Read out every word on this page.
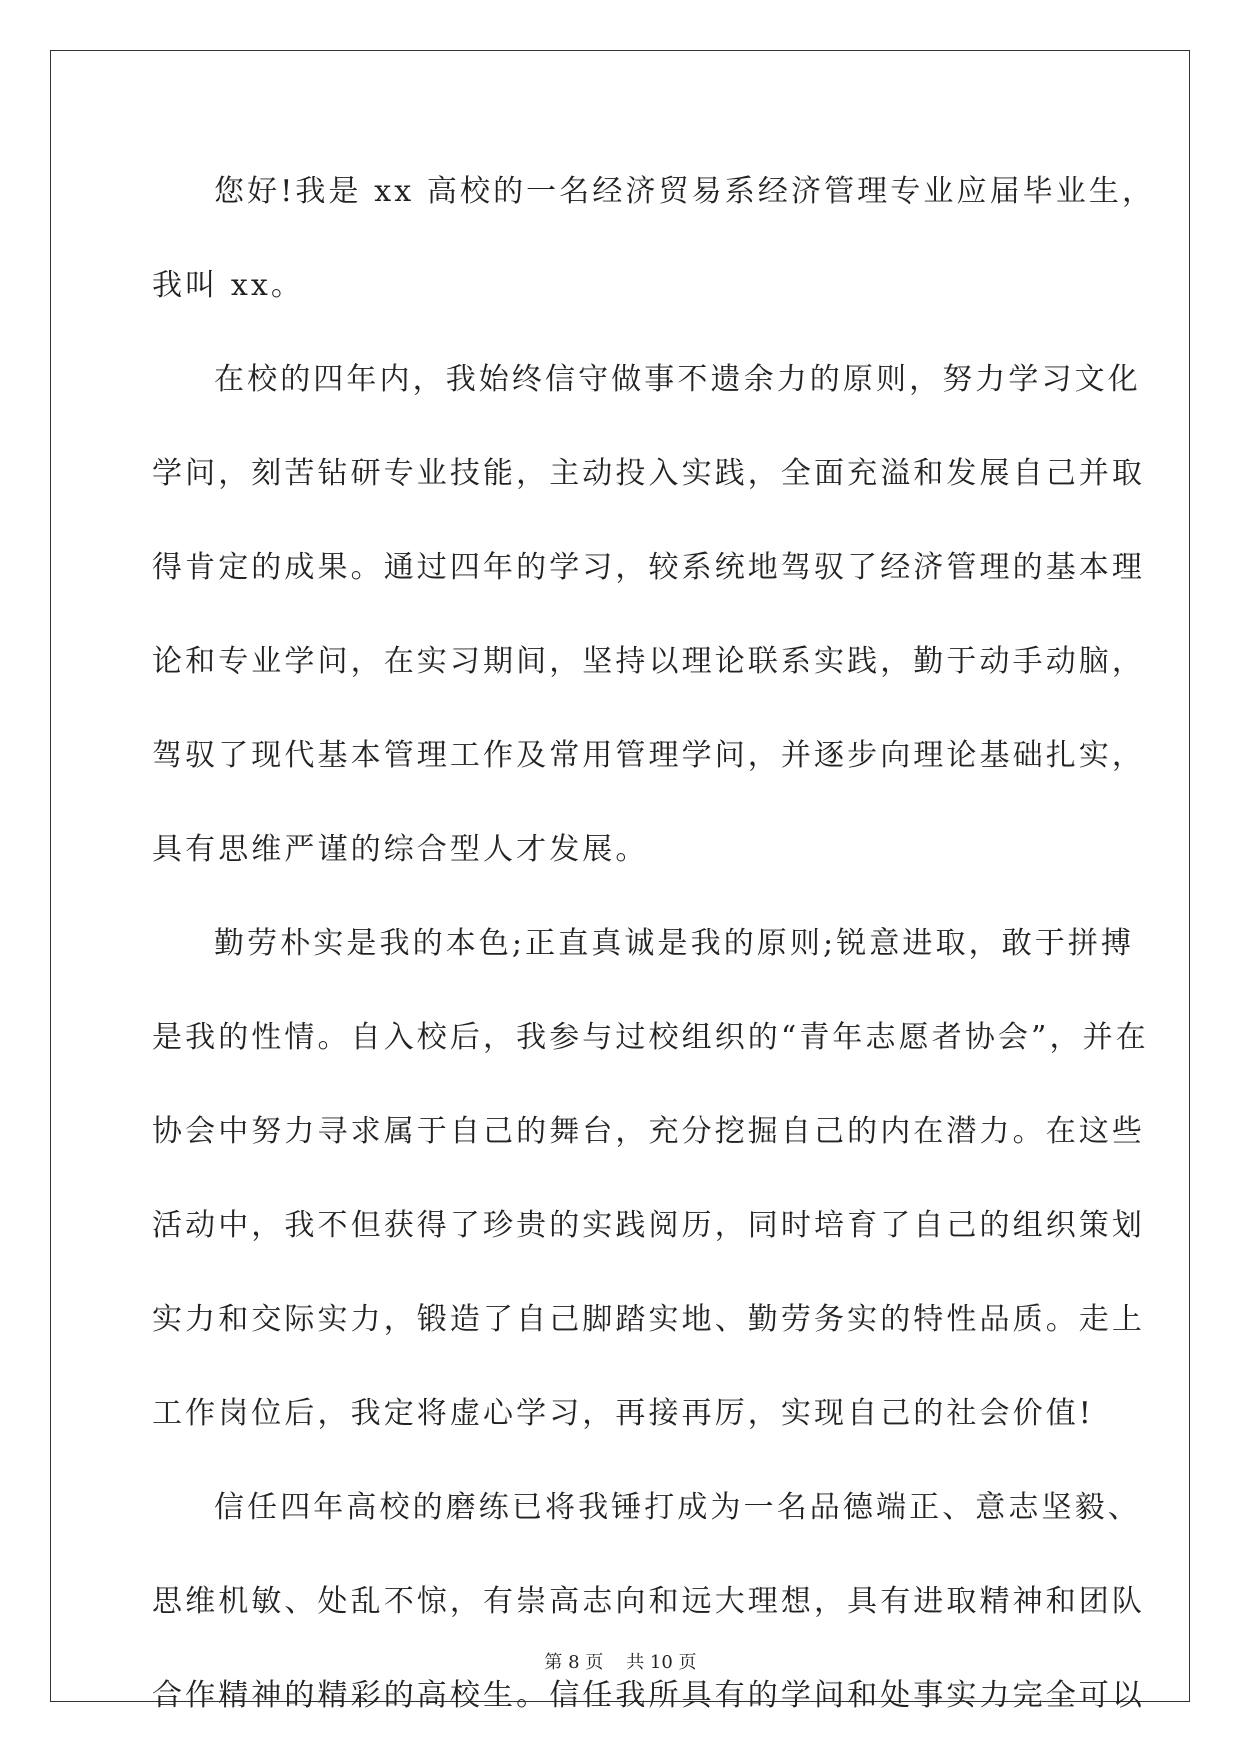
您好!我是 xx 高校的一名经济贸易系经济管理专业应届毕业生，
我叫 xx。
在校的四年内，我始终信守做事不遗余力的原则，努力学习文化
学问，刻苦钻研专业技能，主动投入实践，全面充溢和发展自己并取
得肯定的成果。通过四年的学习，较系统地驾驭了经济管理的基本理
论和专业学问，在实习期间，坚持以理论联系实践，勤于动手动脑，
驾驭了现代基本管理工作及常用管理学问，并逐步向理论基础扎实，
具有思维严谨的综合型人才发展。
勤劳朴实是我的本色;正直真诚是我的原则;锐意进取，敢于拼搏
是我的性情。自入校后，我参与过校组织的“青年志愿者协会”，并在
协会中努力寻求属于自己的舞台，充分挖掘自己的内在潜力。在这些
活动中，我不但获得了珍贵的实践阅历，同时培育了自己的组织策划
实力和交际实力，锻造了自己脚踏实地、勤劳务实的特性品质。走上
工作岗位后，我定将虚心学习，再接再厉，实现自己的社会价值!
信任四年高校的磨练已将我锤打成为一名品德端正、意志坚毅、
思维机敏、处乱不惊，有崇高志向和远大理想，具有进取精神和团队
合作精神的精彩的高校生。信任我所具有的学问和处事实力完全可以
第 8 页    共 10 页
